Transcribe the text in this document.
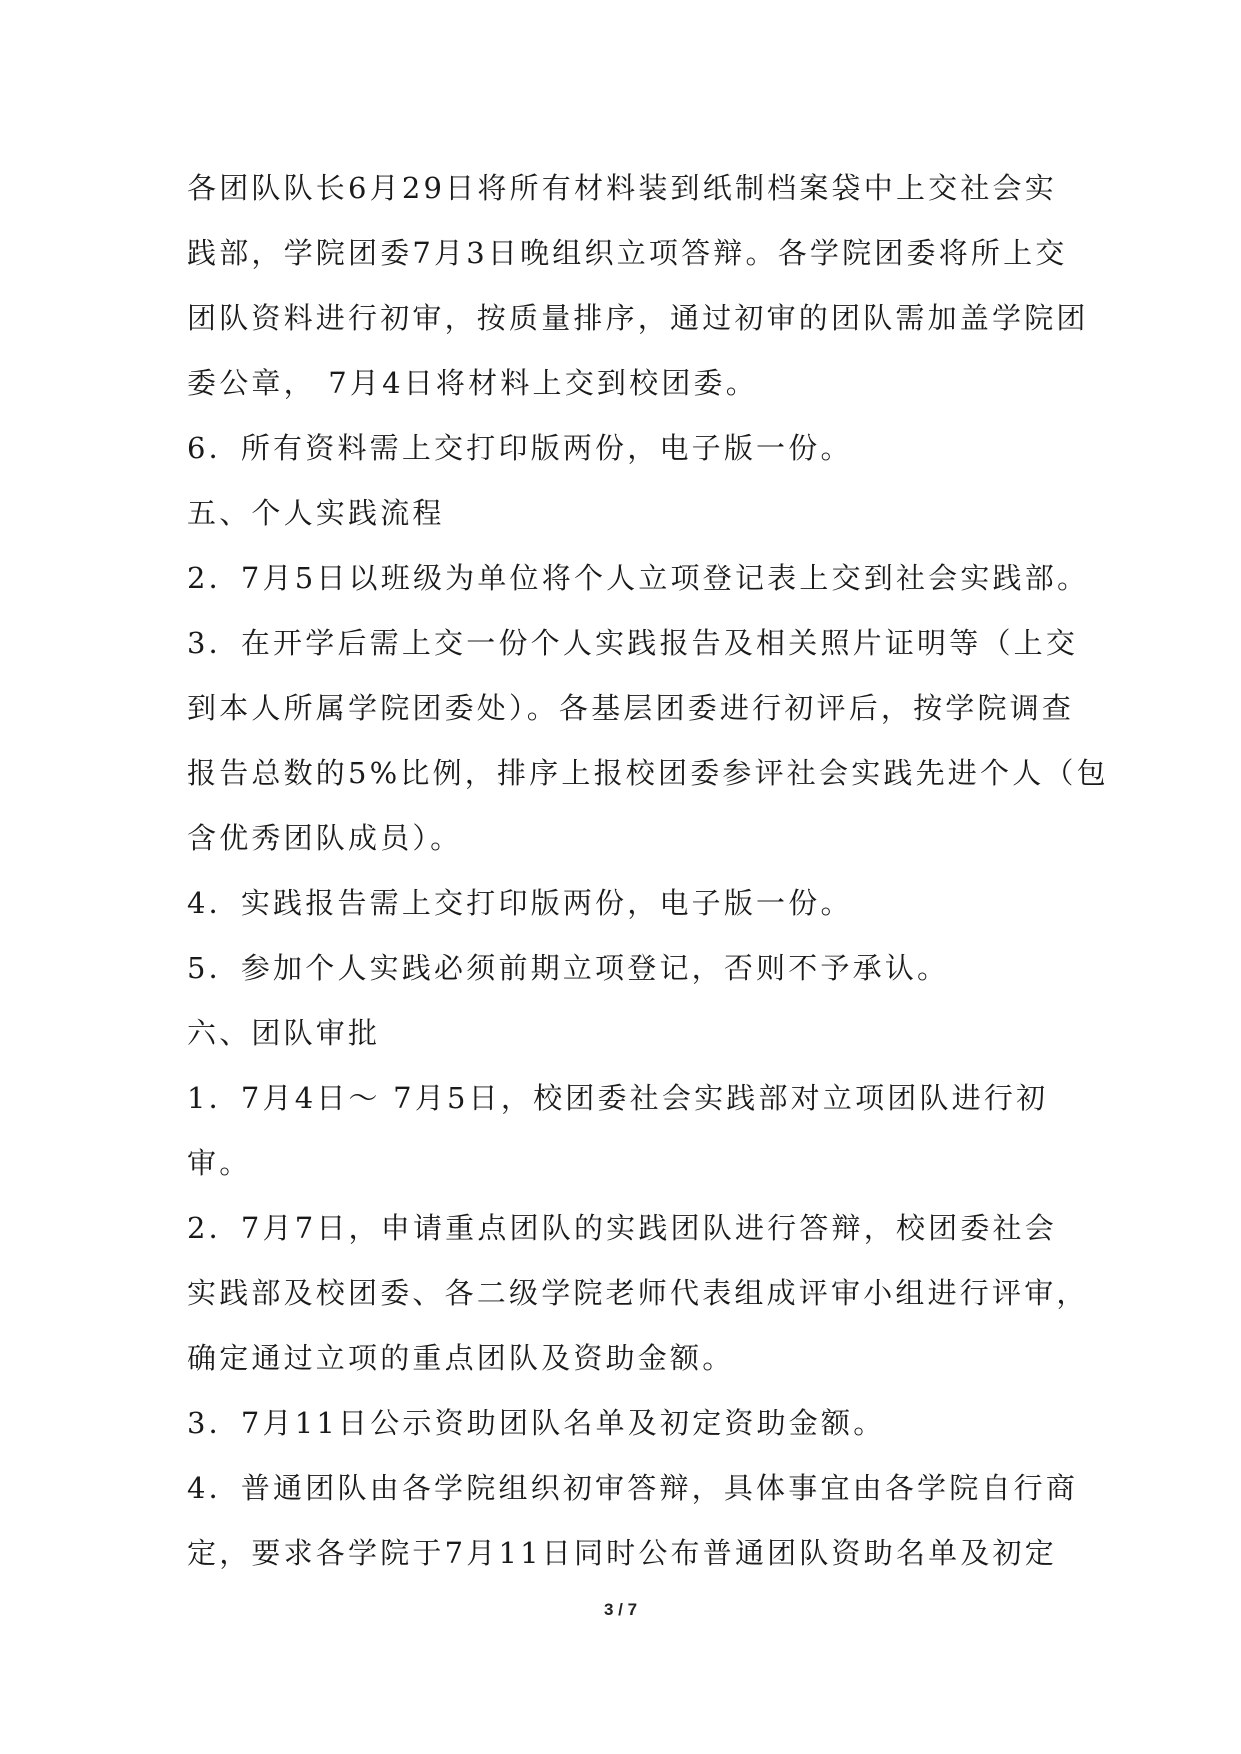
各团队队长6月29日将所有材料装到纸制档案袋中上交社会实
践部，学院团委7月3日晚组织立项答辩。各学院团委将所上交
团队资料进行初审，按质量排序，通过初审的团队需加盖学院团
委公章， 7月4日将材料上交到校团委。
6．所有资料需上交打印版两份，电子版一份。
五、个人实践流程
2．7月5日以班级为单位将个人立项登记表上交到社会实践部。
3．在开学后需上交一份个人实践报告及相关照片证明等（上交
到本人所属学院团委处）。各基层团委进行初评后，按学院调查
报告总数的5%比例，排序上报校团委参评社会实践先进个人（包
含优秀团队成员）。
4．实践报告需上交打印版两份，电子版一份。
5．参加个人实践必须前期立项登记，否则不予承认。
六、团队审批
1．7月4日～ 7月5日，校团委社会实践部对立项团队进行初
审。
2．7月7日，申请重点团队的实践团队进行答辩，校团委社会
实践部及校团委、各二级学院老师代表组成评审小组进行评审，
确定通过立项的重点团队及资助金额。
3．7月11日公示资助团队名单及初定资助金额。
4．普通团队由各学院组织初审答辩，具体事宜由各学院自行商
定，要求各学院于7月11日同时公布普通团队资助名单及初定
3 / 7
